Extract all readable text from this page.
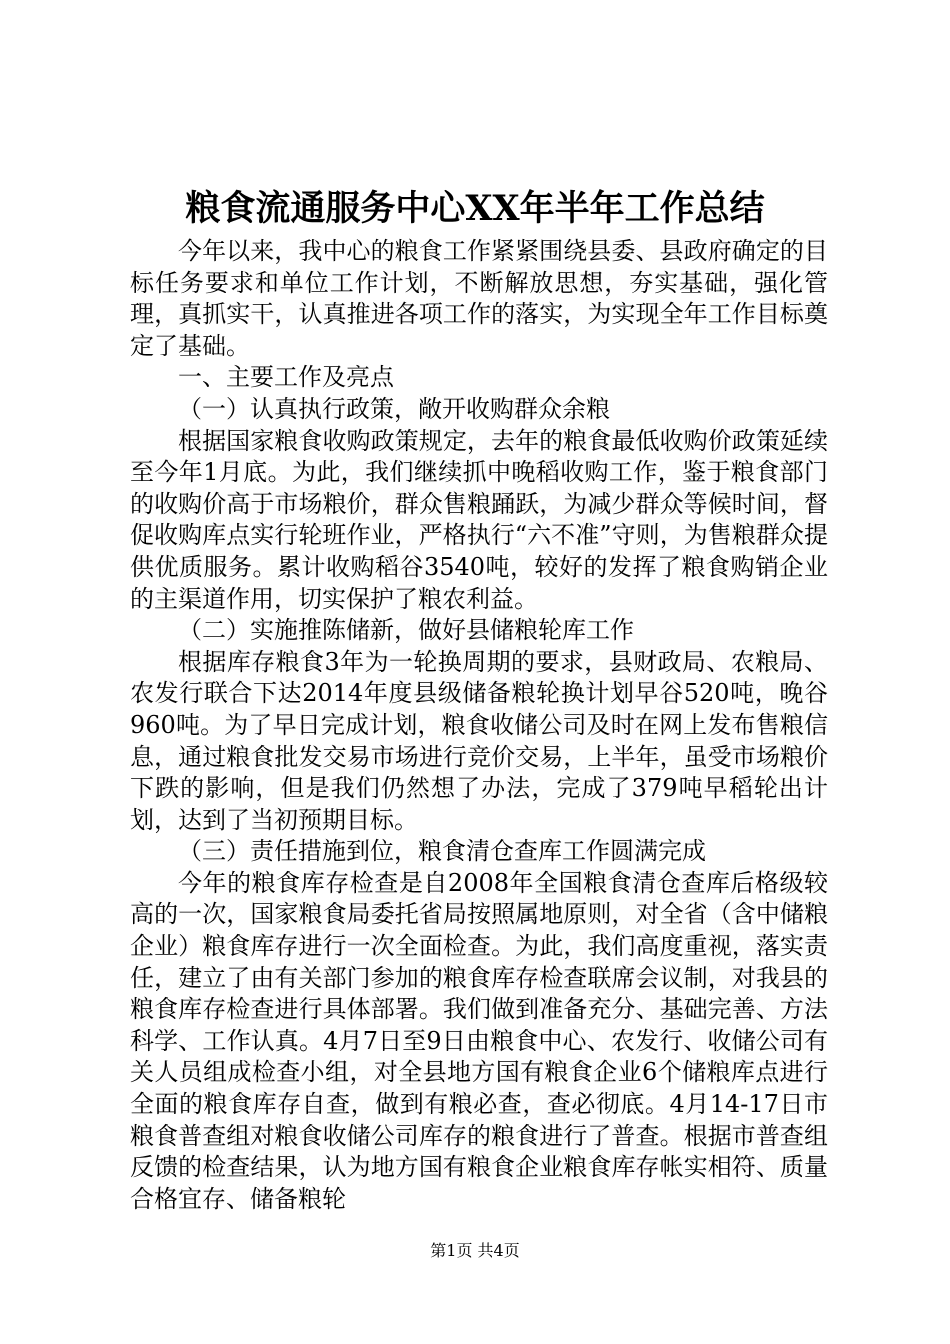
粮食流通服务中心XX年半年工作总结

今年以来，我中心的粮食工作紧紧围绕县委、县政府确定的目标任务要求和单位工作计划，不断解放思想，夯实基础，强化管理，真抓实干，认真推进各项工作的落实，为实现全年工作目标奠定了基础。

一、主要工作及亮点

（一）认真执行政策，敞开收购群众余粮

根据国家粮食收购政策规定，去年的粮食最低收购价政策延续至今年1月底。为此，我们继续抓中晚稻收购工作，鉴于粮食部门的收购价高于市场粮价，群众售粮踊跃，为减少群众等候时间，督促收购库点实行轮班作业，严格执行“六不准”守则，为售粮群众提供优质服务。累计收购稻谷3540吨，较好的发挥了粮食购销企业的主渠道作用，切实保护了粮农利益。

（二）实施推陈储新，做好县储粮轮库工作

根据库存粮食3年为一轮换周期的要求，县财政局、农粮局、农发行联合下达2014年度县级储备粮轮换计划早谷520吨，晚谷960吨。为了早日完成计划，粮食收储公司及时在网上发布售粮信息，通过粮食批发交易市场进行竞价交易，上半年，虽受市场粮价下跌的影响，但是我们仍然想了办法，完成了379吨早稻轮出计划，达到了当初预期目标。

（三）责任措施到位，粮食清仓查库工作圆满完成

今年的粮食库存检查是自2008年全国粮食清仓查库后格级较高的一次，国家粮食局委托省局按照属地原则，对全省（含中储粮企业）粮食库存进行一次全面检查。为此，我们高度重视，落实责任，建立了由有关部门参加的粮食库存检查联席会议制，对我县的粮食库存检查进行具体部署。我们做到准备充分、基础完善、方法科学、工作认真。4月7日至9日由粮食中心、农发行、收储公司有关人员组成检查小组，对全县地方国有粮食企业6个储粮库点进行全面的粮食库存自查，做到有粮必查，查必彻底。4月14-17日市粮食普查组对粮食收储公司库存的粮食进行了普查。根据市普查组反馈的检查结果，认为地方国有粮食企业粮食库存帐实相符、质量合格宜存、储备粮轮

第1页 共4页
